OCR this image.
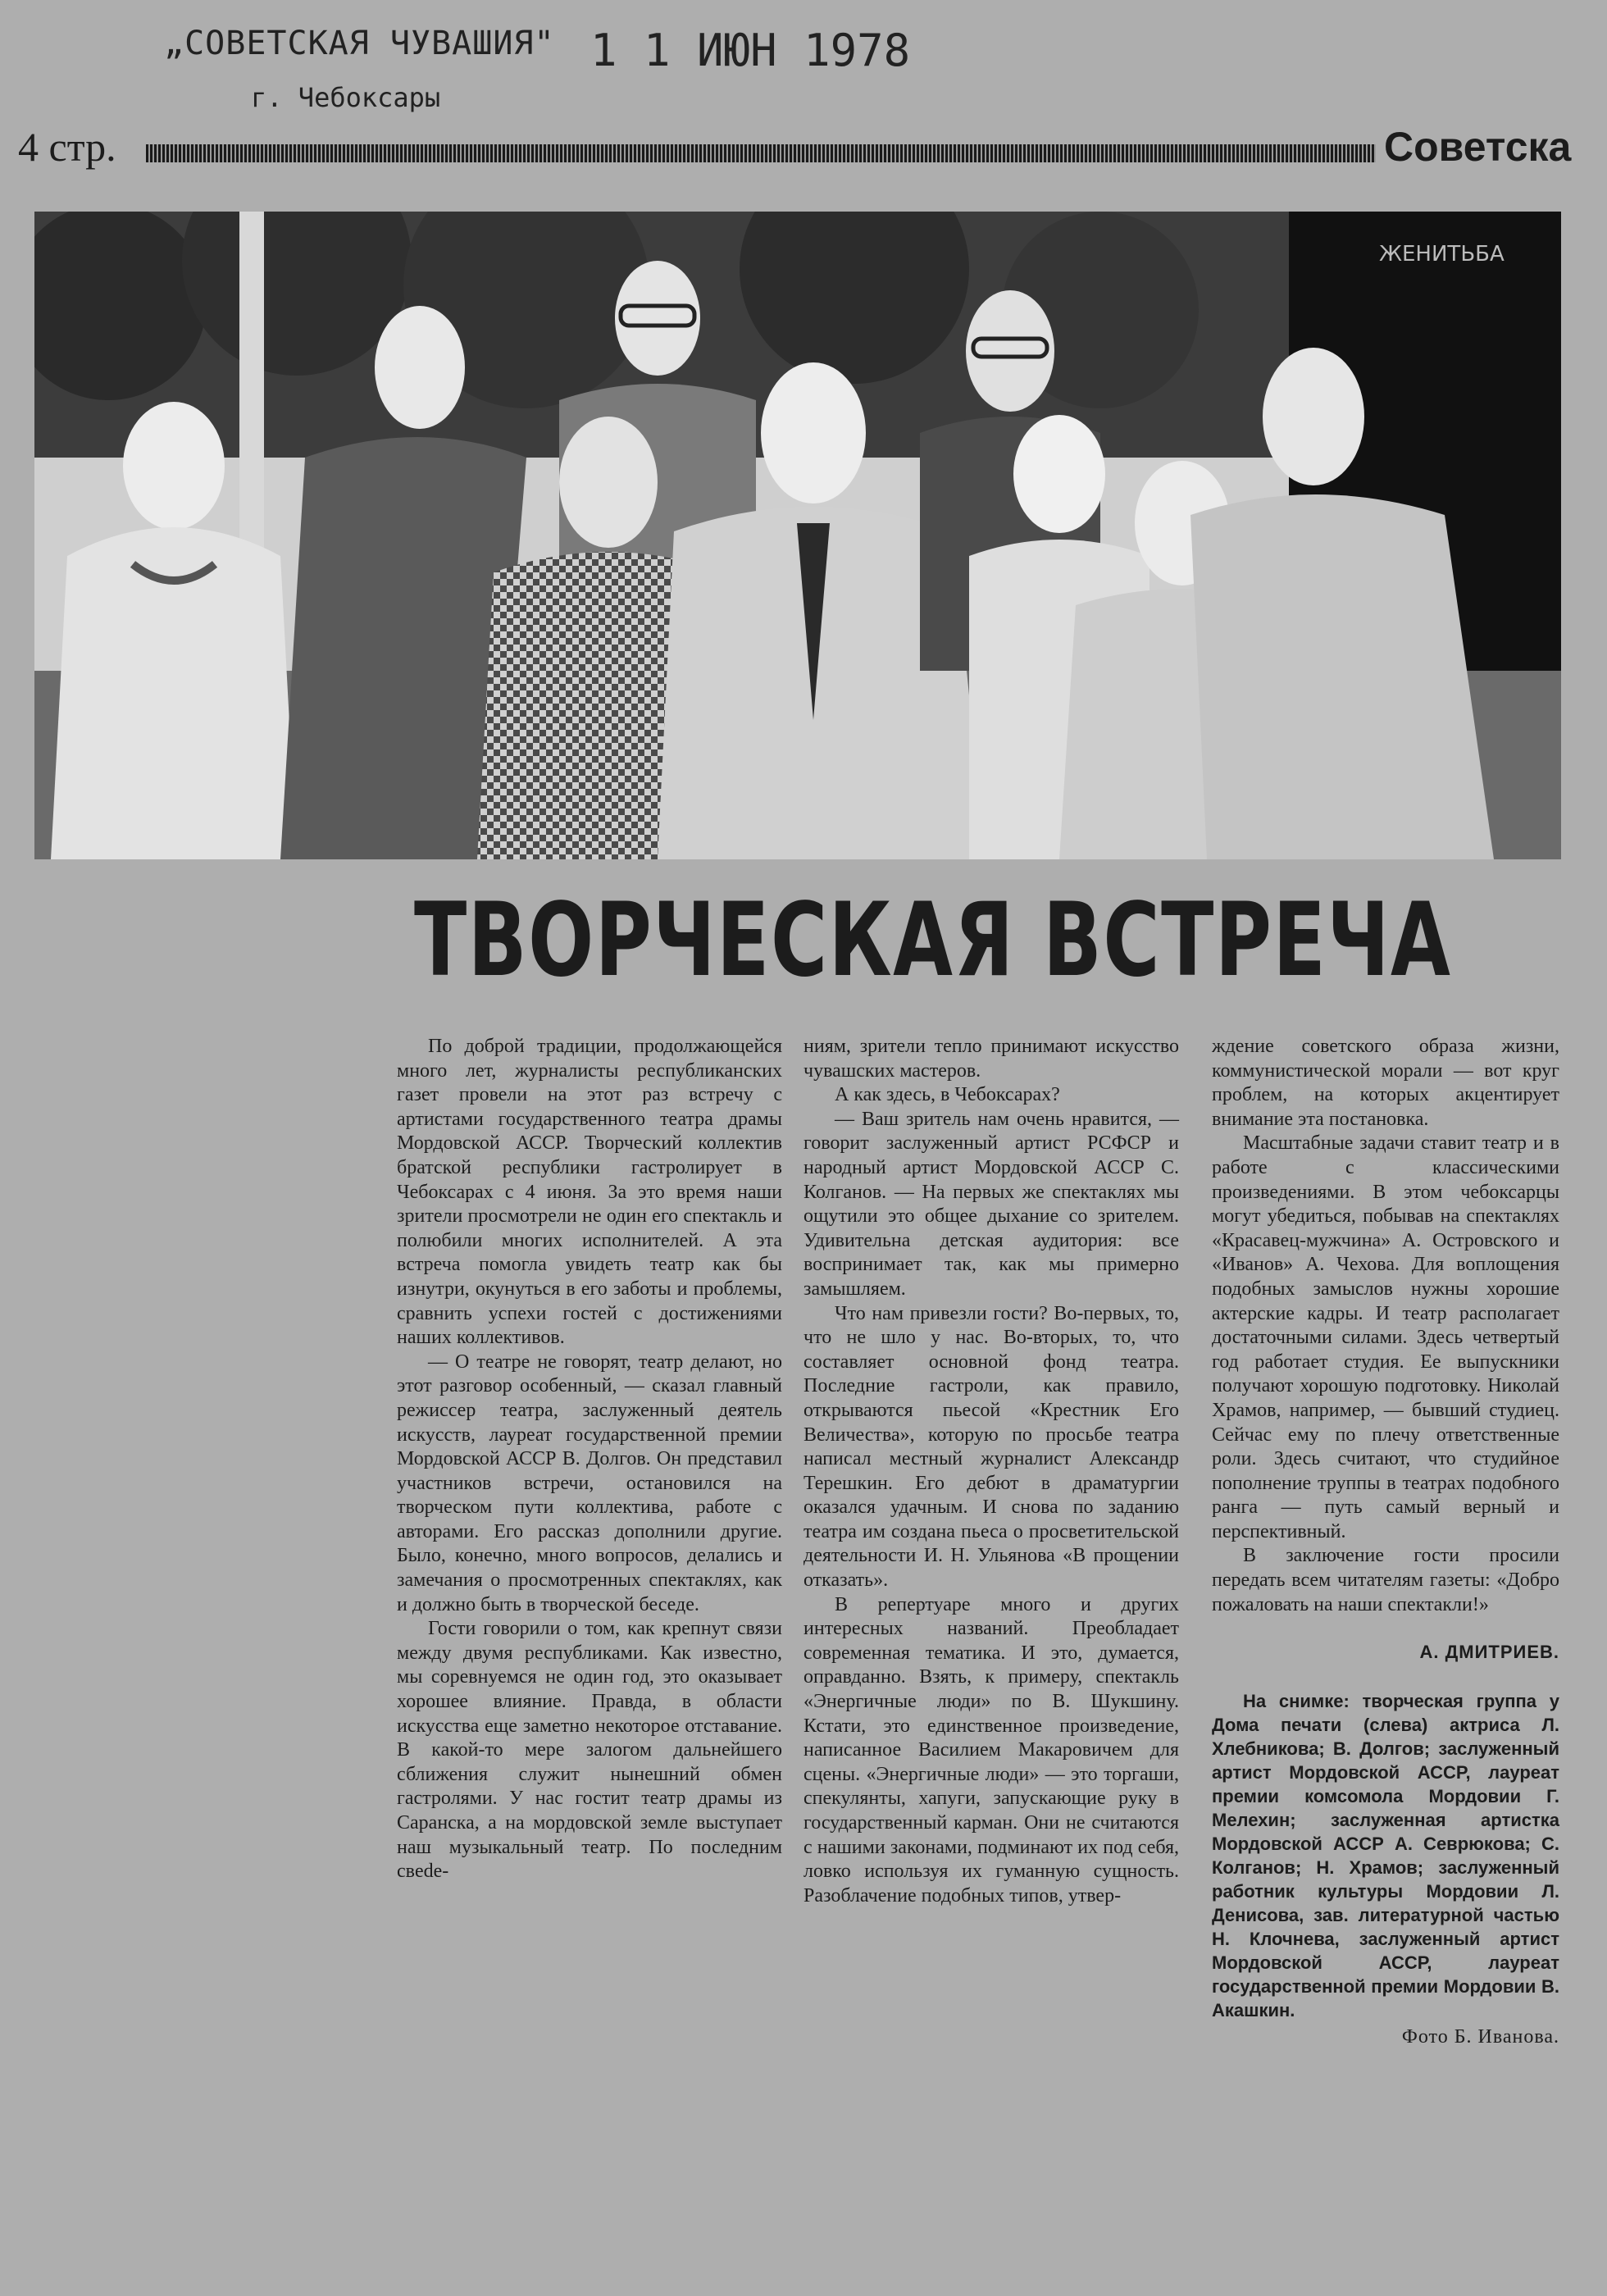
„СОВЕТСКАЯ ЧУВАШИЯ" 1 1 ИЮН 1978
г. Чебоксары
4 стр.	Советска
ЖЕНИТЬБА
ТВОРЧЕСКАЯ ВСТРЕЧА

По доброй традиции, продолжающейся много лет, журналисты республиканских газет провели на этот раз встречу с артистами государственного театра драмы Мордовской АССР. Творческий коллектив братской республики гастролирует в Чебоксарах с 4 июня. За это время наши зрители просмотрели не один его спектакль и полюбили многих исполнителей. А эта встреча помогла увидеть театр как бы изнутри, окунуться в его заботы и проблемы, сравнить успехи гостей с достижениями наших коллективов.

— О театре не говорят, театр делают, но этот разговор особенный, — сказал главный режиссер театра, заслуженный деятель искусств, лауреат государственной премии Мордовской АССР В. Долгов. Он представил участников встречи, остановился на творческом пути коллектива, работе с авторами. Его рассказ дополнили другие. Было, конечно, много вопросов, делались и замечания о просмотренных спектаклях, как и должно быть в творческой беседе.

Гости говорили о том, как крепнут связи между двумя республиками. Как известно, мы соревнуемся не один год, это оказывает хорошее влияние. Правда, в области искусства еще заметно некоторое отставание. В какой-то мере залогом дальнейшего сближения служит нынешний обмен гастролями. У нас гостит театр драмы из Саранска, а на мордовской земле выступает наш музыкальный театр. По последним свede-

ниям, зрители тепло принимают искусство чувашских мастеров.

А как здесь, в Чебоксарах?

— Ваш зритель нам очень нравится, — говорит заслуженный артист РСФСР и народный артист Мордовской АССР С. Колганов. — На первых же спектаклях мы ощутили это общее дыхание со зрителем. Удивительна детская аудитория: все воспринимает так, как мы примерно замышляем.

Что нам привезли гости? Во-первых, то, что не шло у нас. Во-вторых, то, что составляет основной фонд театра. Последние гастроли, как правило, открываются пьесой «Крестник Его Величества», которую по просьбе театра написал местный журналист Александр Терешкин. Его дебют в драматургии оказался удачным. И снова по заданию театра им создана пьеса о просветительской деятельности И. Н. Ульянова «В прощении отказать».

В репертуаре много и других интересных названий. Преобладает современная тематика. И это, думается, оправданно. Взять, к примеру, спектакль «Энергичные люди» по В. Шукшину. Кстати, это единственное произведение, написанное Василием Макаровичем для сцены. «Энергичные люди» — это торгаши, спекулянты, хапуги, запускающие руку в государственный карман. Они не считаются с нашими законами, подминают их под себя, ловко используя их гуманную сущность. Разоблачение подобных типов, утвер-

ждение советского образа жизни, коммунистической морали — вот круг проблем, на которых акцентирует внимание эта постановка.

Масштабные задачи ставит театр и в работе с классическими произведениями. В этом чебоксарцы могут убедиться, побывав на спектаклях «Красавец-мужчина» А. Островского и «Иванов» А. Чехова. Для воплощения подобных замыслов нужны хорошие актерские кадры. И театр располагает достаточными силами. Здесь четвертый год работает студия. Ее выпускники получают хорошую подготовку. Николай Храмов, например, — бывший студиец. Сейчас ему по плечу ответственные роли. Здесь считают, что студийное пополнение труппы в театрах подобного ранга — путь самый верный и перспективный.

В заключение гости просили передать всем читателям газеты: «Добро пожаловать на наши спектакли!»

А. ДМИТРИЕВ.

На снимке: творческая группа у Дома печати (слева) актриса Л. Хлебникова; В. Долгов; заслуженный артист Мордовской АССР, лауреат премии комсомола Мордовии Г. Мелехин; заслуженная артистка Мордовской АССР А. Севрюкова; С. Колганов; Н. Храмов; заслуженный работник культуры Мордовии Л. Денисова, зав. литературной частью Н. Клочнева, заслуженный артист Мордовской АССР, лауреат государственной премии Мордовии В. Акашкин.

Фото Б. Иванова.
